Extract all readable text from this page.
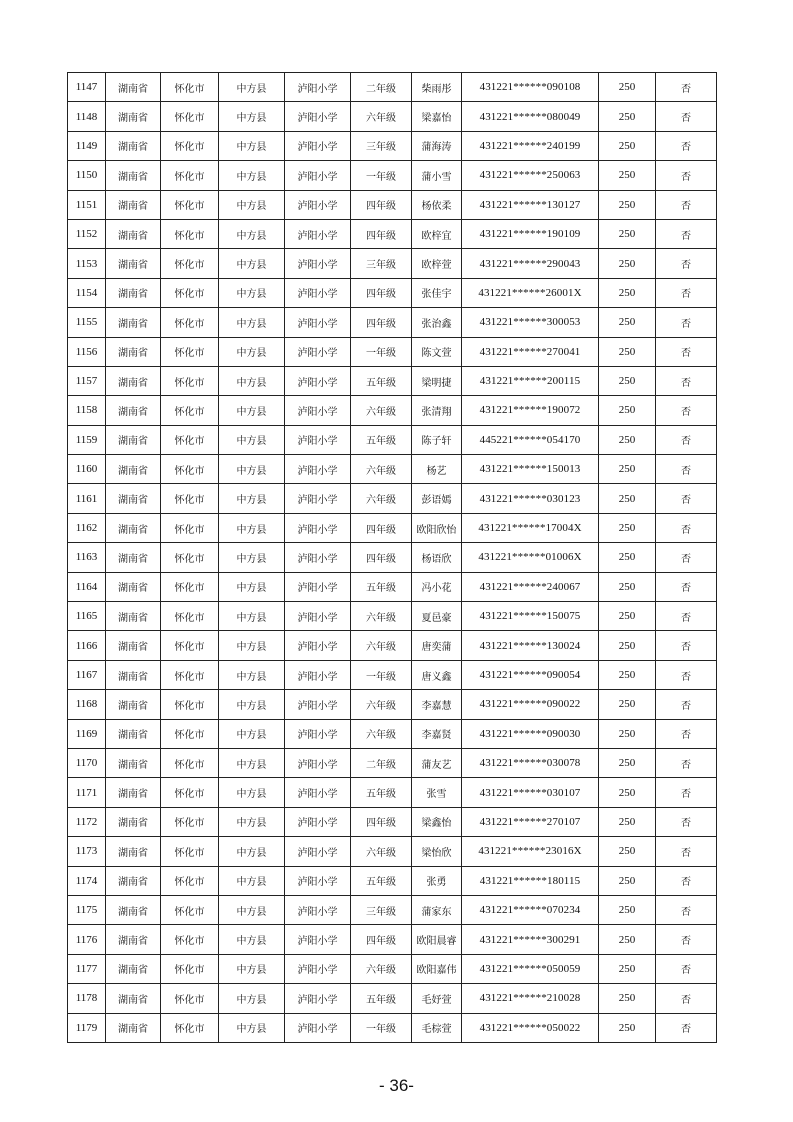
1147	湖南省	怀化市	中方县	泸阳小学	二年级	柴雨彤	431221******090108	250	否
1148	湖南省	怀化市	中方县	泸阳小学	六年级	梁嘉怡	431221******080049	250	否
1149	湖南省	怀化市	中方县	泸阳小学	三年级	蒲海涛	431221******240199	250	否
1150	湖南省	怀化市	中方县	泸阳小学	一年级	蒲小雪	431221******250063	250	否
1151	湖南省	怀化市	中方县	泸阳小学	四年级	杨依柔	431221******130127	250	否
1152	湖南省	怀化市	中方县	泸阳小学	四年级	欧梓宜	431221******190109	250	否
1153	湖南省	怀化市	中方县	泸阳小学	三年级	欧梓萱	431221******290043	250	否
1154	湖南省	怀化市	中方县	泸阳小学	四年级	张佳宇	431221******26001X	250	否
1155	湖南省	怀化市	中方县	泸阳小学	四年级	张治鑫	431221******300053	250	否
1156	湖南省	怀化市	中方县	泸阳小学	一年级	陈文萱	431221******270041	250	否
1157	湖南省	怀化市	中方县	泸阳小学	五年级	梁明捷	431221******200115	250	否
1158	湖南省	怀化市	中方县	泸阳小学	六年级	张清翔	431221******190072	250	否
1159	湖南省	怀化市	中方县	泸阳小学	五年级	陈子轩	445221******054170	250	否
1160	湖南省	怀化市	中方县	泸阳小学	六年级	杨艺	431221******150013	250	否
1161	湖南省	怀化市	中方县	泸阳小学	六年级	彭语嫣	431221******030123	250	否
1162	湖南省	怀化市	中方县	泸阳小学	四年级	欧阳欣怡	431221******17004X	250	否
1163	湖南省	怀化市	中方县	泸阳小学	四年级	杨语欣	431221******01006X	250	否
1164	湖南省	怀化市	中方县	泸阳小学	五年级	冯小花	431221******240067	250	否
1165	湖南省	怀化市	中方县	泸阳小学	六年级	夏邑豪	431221******150075	250	否
1166	湖南省	怀化市	中方县	泸阳小学	六年级	唐奕蒲	431221******130024	250	否
1167	湖南省	怀化市	中方县	泸阳小学	一年级	唐义鑫	431221******090054	250	否
1168	湖南省	怀化市	中方县	泸阳小学	六年级	李嘉慧	431221******090022	250	否
1169	湖南省	怀化市	中方县	泸阳小学	六年级	李嘉贤	431221******090030	250	否
1170	湖南省	怀化市	中方县	泸阳小学	二年级	蒲友艺	431221******030078	250	否
1171	湖南省	怀化市	中方县	泸阳小学	五年级	张雪	431221******030107	250	否
1172	湖南省	怀化市	中方县	泸阳小学	四年级	梁鑫怡	431221******270107	250	否
1173	湖南省	怀化市	中方县	泸阳小学	六年级	梁怡欣	431221******23016X	250	否
1174	湖南省	怀化市	中方县	泸阳小学	五年级	张勇	431221******180115	250	否
1175	湖南省	怀化市	中方县	泸阳小学	三年级	蒲家东	431221******070234	250	否
1176	湖南省	怀化市	中方县	泸阳小学	四年级	欧阳晨睿	431221******300291	250	否
1177	湖南省	怀化市	中方县	泸阳小学	六年级	欧阳嘉伟	431221******050059	250	否
1178	湖南省	怀化市	中方县	泸阳小学	五年级	毛妤萱	431221******210028	250	否
1179	湖南省	怀化市	中方县	泸阳小学	一年级	毛棕萱	431221******050022	250	否
- 36-
